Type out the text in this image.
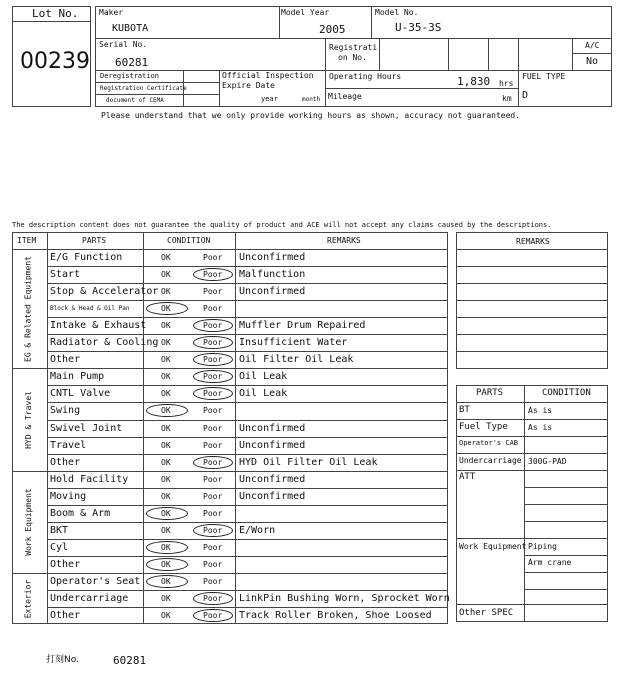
Lot No.
00239
Maker
KUBOTA
Model Year
2005
Model No.
U-35-3S
Serial No.
60281
Registrati
on No.
A/C
No
Deregistration
Registration Certificate
document of CEMA
Official Inspection
Expire Date
year	month
Operating Hours	1,830 hrs
Mileage	km
FUEL TYPE
D
Please understand that we only provide working hours as shown, accuracy not guaranteed.
The description content does not guarantee the quality of product and ACE will not accept any claims caused by the descriptions.
ITEM	PARTS	CONDITION	REMARKS
EG & Related Equipment E/G Function	OK	Poor Unconfirmed
Start	OK	Poor Malfunction
Stop & Accelerator OK	Poor Unconfirmed
Block & Head & Oil Pan	OK	Poor
Intake & Exhaust OK	Poor Muffler Drum Repaired
Radiator & Cooling OK	Poor Insufficient Water
Other	OK	Poor Oil Filter Oil Leak
HYD & Travel
Main Pump	OK	Poor Oil Leak
CNTL Valve	OK	Poor Oil Leak
Swing	OK	Poor
Swivel Joint	OK	Poor Unconfirmed
Travel	OK	Poor Unconfirmed
Other	OK	Poor HYD Oil Filter Oil Leak
Work Equipment
Hold Facility	OK	Poor Unconfirmed
Moving	OK	Poor Unconfirmed
Boom & Arm	OK	Poor
BKT	OK	Poor E/Worn
Cyl	OK	Poor
Other	OK	Poor
Exterior Operator's Seat	OK	Poor
Undercarriage	OK	Poor LinkPin Bushing Worn, Sprocket Worn
Other	OK	Poor Track Roller Broken, Shoe Loosed
REMARKS
PARTS	CONDITION
BT	As is
Fuel Type	As is
Operator's CAB
Undercarriage 300G-PAD
ATT
Work Equipment Piping
Arm crane
Other SPEC
打刻No.	60281
